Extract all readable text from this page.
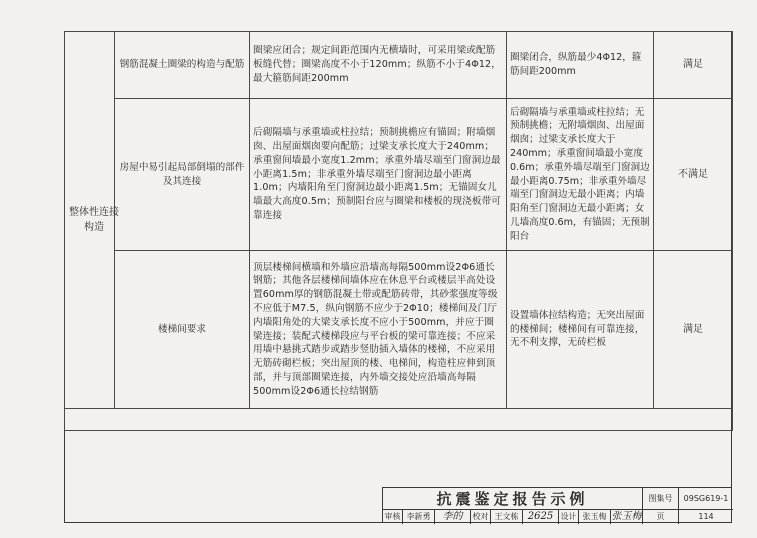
整体性连接构造	钢筋混凝土圈梁的构造与配筋	圈梁应闭合；规定间距范围内无横墙时，可采用梁或配筋板缝代替；圈梁高度不小于120mm；纵筋不小于4Φ12，最大箍筋间距200mm	圈梁闭合，纵筋最少4Φ12，箍筋间距200mm	满足
	房屋中易引起局部倒塌的部件及其连接	后砌隔墙与承重墙或柱拉结；预制挑檐应有锚固；附墙烟囱、出屋面烟囱要向配筋；过梁支承长度大于240mm；承重窗间墙最小宽度1.2mm；承重外墙尽端至门窗洞边最小距离1.5m；非承重外墙尽端至门窗洞边最小距离1.0m；内墙阳角至门窗洞边最小距离1.5m；无锚固女儿墙最大高度0.5m；预制阳台应与圈梁和楼板的现浇板带可靠连接	后砌隔墙与承重墙或柱拉结；无预制挑檐；无附墙烟囱、出屋面烟囱；过梁支承长度大于240mm；承重窗间墙最小宽度0.6m；承重外墙尽端至门窗洞边最小距离0.75m；非承重外墙尽端至门窗洞边无最小距离；内墙阳角至门窗洞边无最小距离；女儿墙高度0.6m，有锚固；无预制阳台	不满足
	楼梯间要求	顶层楼梯间横墙和外墙应沿墙高每隔500mm设2Φ6通长钢筋；其他各层楼梯间墙体应在休息平台或楼层半高处设置60mm厚的钢筋混凝土带或配筋砖带，其砂浆强度等级不应低于M7.5，纵向钢筋不应少于2Φ10；楼梯间及门厅内墙阳角处的大梁支承长度不应小于500mm，并应于圈梁连接；装配式楼梯段应与平台板的梁可靠连接；不应采用墙中悬挑式踏步或踏步竖肋插入墙体的楼梯，不应采用无筋砖砌栏板；突出屋顶的楼、电梯间，构造柱应伸到顶部，并与顶部圈梁连接，内外墙交接处应沿墙高每隔500mm设2Φ6通长拉结钢筋	设置墙体拉结构造；无突出屋面的楼梯间；楼梯间有可靠连接，无不利支撑，无砖栏板	满足

抗震鉴定报告示例	图集号	09SG619-1
审核 李新勇	李的	校对 王文栋 2625 设计 张玉梅 张玉梅	页	114
